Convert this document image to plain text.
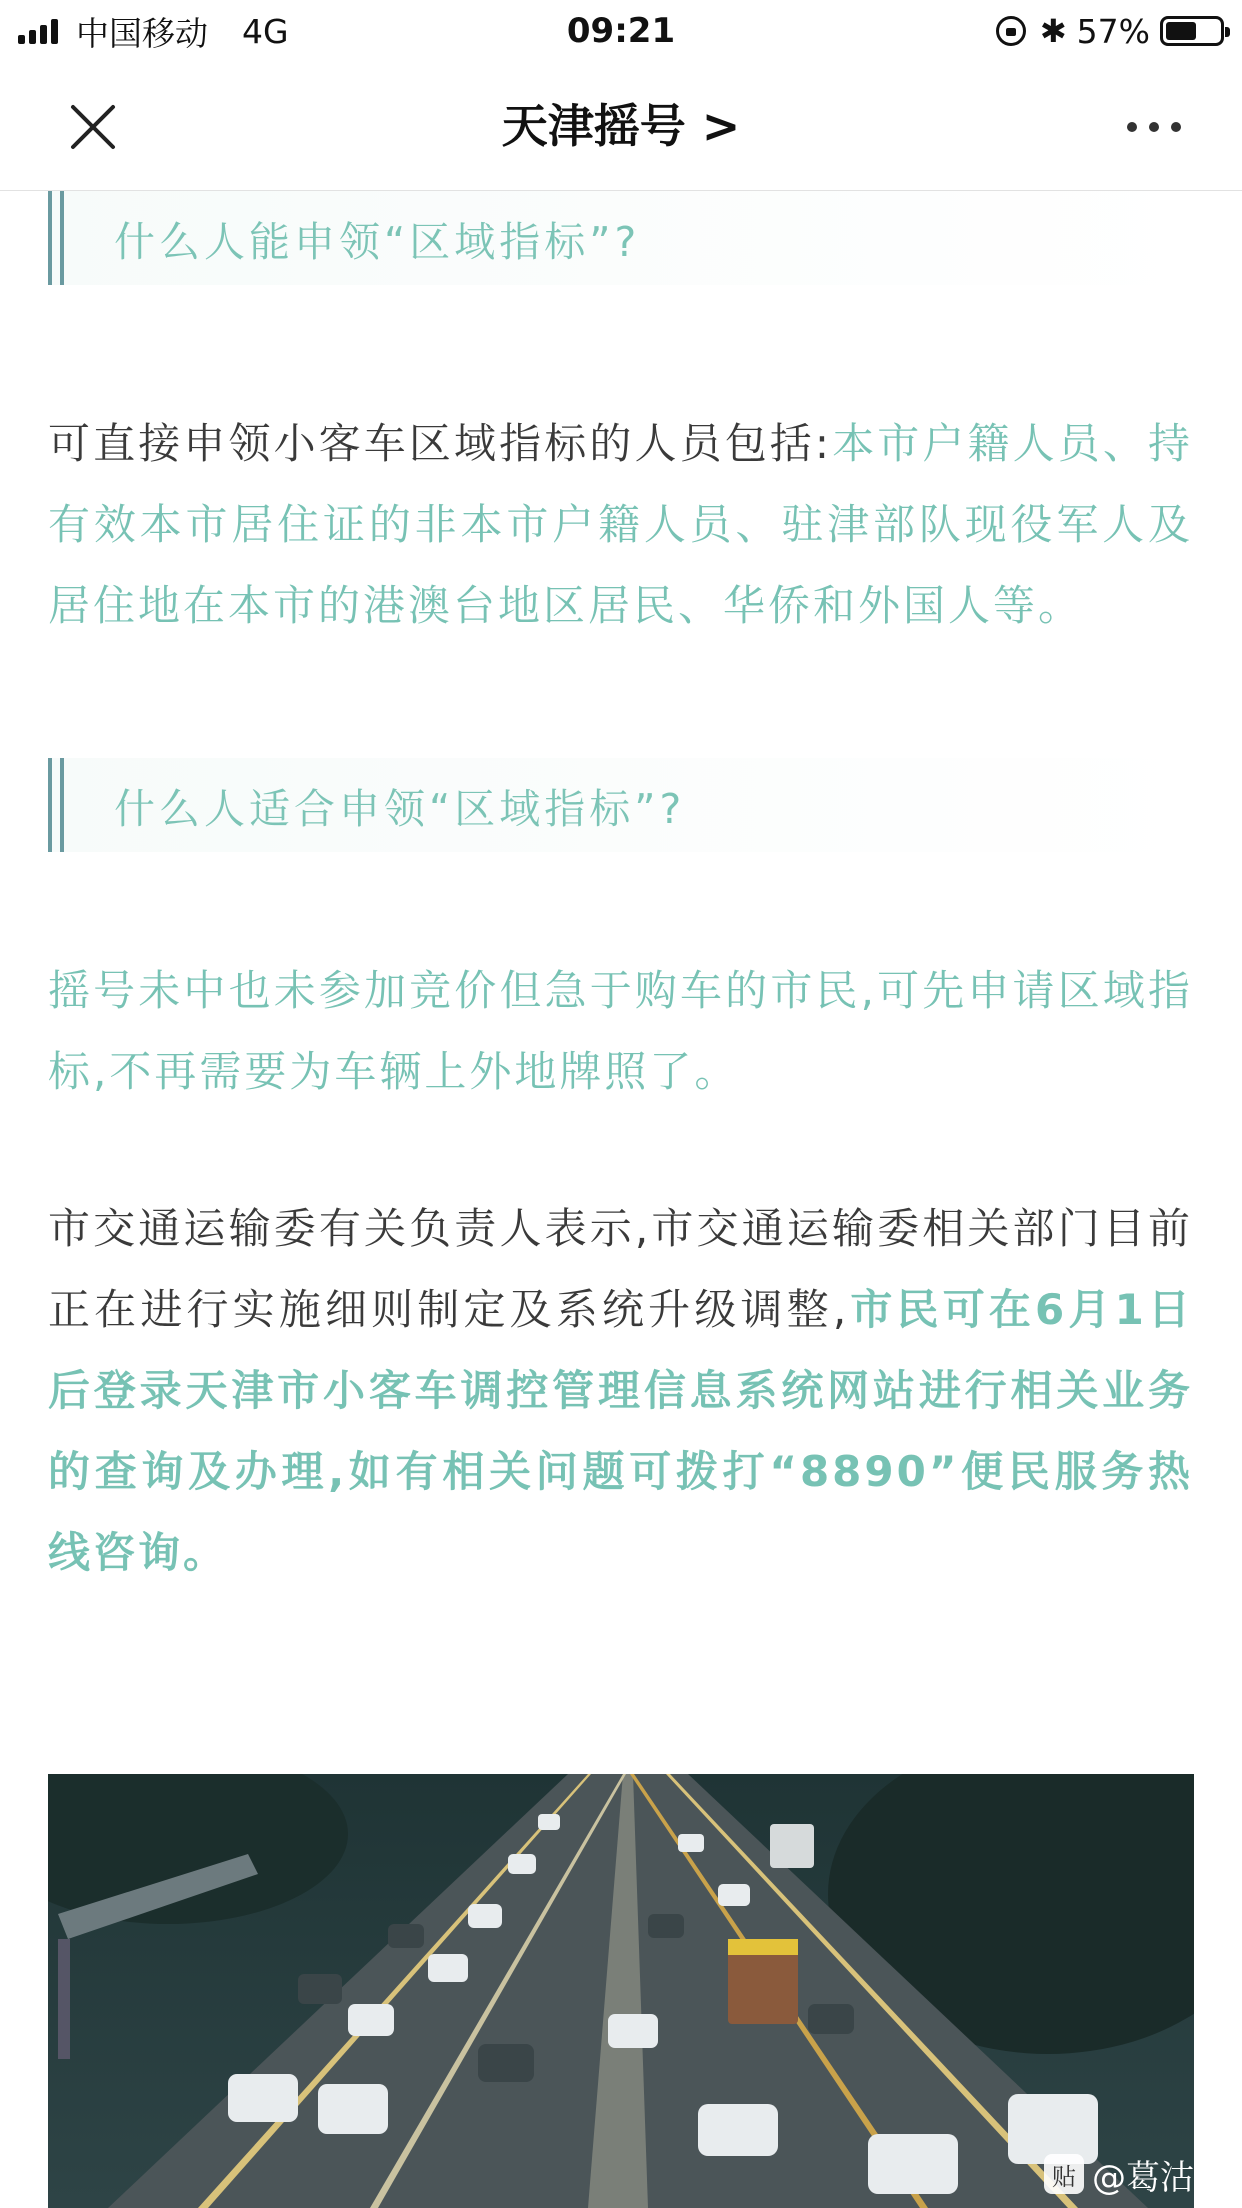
中国移动 4G	09:21	✱ 57%
天津摇号 >
什么人能申领“区域指标”?

可直接申领小客车区域指标的人员包括:本市户籍人员、持有效本市居住证的非本市户籍人员、驻津部队现役军人及居住地在本市的港澳台地区居民、华侨和外国人等。

什么人适合申领“区域指标”?

摇号未中也未参加竞价但急于购车的市民,可先申请区域指标,不再需要为车辆上外地牌照了。

市交通运输委有关负责人表示,市交通运输委相关部门目前正在进行实施细则制定及系统升级调整,市民可在6月1日后登录天津市小客车调控管理信息系统网站进行相关业务的查询及办理,如有相关问题可拨打“8890”便民服务热线咨询。

贴 @葛沽
